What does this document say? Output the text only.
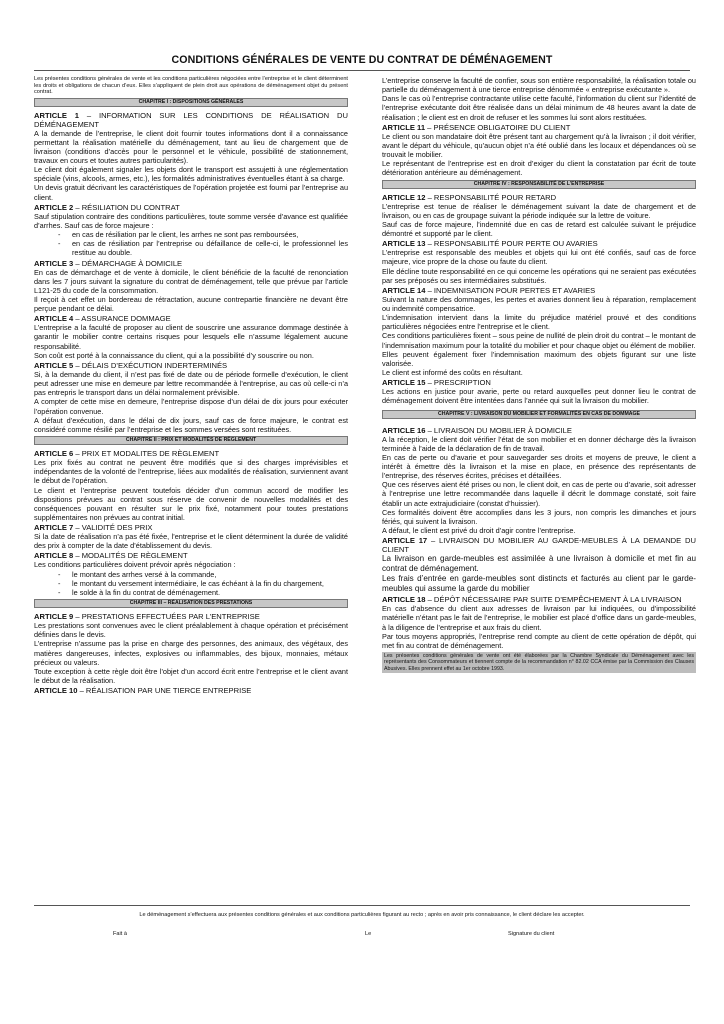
CONDITIONS GÉNÉRALES DE VENTE DU CONTRAT DE DÉMÉNAGEMENT

Les présentes conditions générales de vente et les conditions particulières négociées entre l’entreprise et le client déterminent les droits et obligations de chacun d’eux. Elles s’appliquent de plein droit aux opérations de déménagement objet du présent contrat.

CHAPITRE I : DISPOSITIONS GÉNÉRALES

ARTICLE 1 – INFORMATION SUR LES CONDITIONS DE RÉALISATION DU DÉMÉNAGEMENT

A la demande de l’entreprise, le client doit fournir toutes informations dont il a connaissance permettant la réalisation matérielle du déménagement, tant au lieu de chargement que de livraison (conditions d’accès pour le personnel et le véhicule, possibilité de stationnement, travaux en cours et toutes autres particularités).

Le client doit également signaler les objets dont le transport est assujetti à une réglementation spéciale (vins, alcools, armes, etc.), les formalités administratives éventuelles étant à sa charge.

Un devis gratuit décrivant les caractéristiques de l’opération projetée est fourni par l’entreprise au client.

ARTICLE 2 – RÉSILIATION DU CONTRAT

Sauf stipulation contraire des conditions particulières, toute somme versée d’avance est qualifiée d’arrhes. Sauf cas de force majeure :

- en cas de résiliation par le client, les arrhes ne sont pas remboursées,
- en cas de résiliation par l’entreprise ou défaillance de celle-ci, le professionnel les restitue au double.

ARTICLE 3 – DÉMARCHAGE À DOMICILE

En cas de démarchage et de vente à domicile, le client bénéficie de la faculté de renonciation dans les 7 jours suivant la signature du contrat de déménagement, telle que prévue par l’article L121-25 du code de la consommation.

Il reçoit à cet effet un bordereau de rétractation, aucune contrepartie financière ne devant être perçue pendant ce délai.

ARTICLE 4 – ASSURANCE DOMMAGE

L’entreprise a la faculté de proposer au client de souscrire une assurance dommage destinée à garantir le mobilier contre certains risques pour lesquels elle n’assume légalement aucune responsabilité.

Son coût est porté à la connaissance du client, qui a la possibilité d’y souscrire ou non.

ARTICLE 5 – DÉLAIS D’EXÉCUTION INDERTERMINÉS

Si, à la demande du client, il n’est pas fixé de date ou de période formelle d’exécution, le client peut adresser une mise en demeure par lettre recommandée à l’entreprise, au cas où celle-ci n’a pas entrepris le transport dans un délai normalement prévisible.

A compter de cette mise en demeure, l’entreprise dispose d’un délai de dix jours pour exécuter l’opération convenue.

A défaut d’exécution, dans le délai de dix jours, sauf cas de force majeure, le contrat est considéré comme résilié par l’entreprise et les sommes versées sont restituées.

CHAPITRE II : PRIX ET MODALITÉS DE RÈGLEMENT

ARTICLE 6 – PRIX ET MODALITES DE RÈGLEMENT

Les prix fixés au contrat ne peuvent être modifiés que si des charges imprévisibles et indépendantes de la volonté de l’entreprise, liées aux modalités de réalisation, surviennent avant le début de l’opération.

Le client et l’entreprise peuvent toutefois décider d’un commun accord de modifier les dispositions prévues au contrat sous réserve de convenir de nouvelles modalités et des conséquences pouvant en résulter sur le prix fixé, notamment pour toutes prestations supplémentaires non prévues au contrat initial.

ARTICLE 7 – VALIDITÉ DES PRIX

Si la date de réalisation n’a pas été fixée, l’entreprise et le client déterminent la durée de validité des prix à compter de la date d’établissement du devis.

ARTICLE 8 – MODALITÉS DE RÈGLEMENT

Les conditions particulières doivent prévoir après négociation :

- le montant des arrhes versé à la commande,
- le montant du versement intermédiaire, le cas échéant à la fin du chargement,
- le solde à la fin du contrat de déménagement.
CHAPITRE III – RÉALISATION DES PRESTATIONS

ARTICLE 9 – PRESTATIONS EFFECTUÉES PAR L’ENTREPRISE

Les prestations sont convenues avec le client préalablement à chaque opération et précisément définies dans le devis.

L’entreprise n’assume pas la prise en charge des personnes, des animaux, des végétaux, des matières dangereuses, infectes, explosives ou inflammables, des bijoux, monnaies, métaux précieux ou valeurs.

Toute exception à cette règle doit être l’objet d’un accord écrit entre l’entreprise et le client avant le début de la réalisation.

ARTICLE 10 – RÉALISATION PAR UNE TIERCE ENTREPRISE

L’entreprise conserve la faculté de confier, sous son entière responsabilité, la réalisation totale ou partielle du déménagement à une tierce entreprise dénommée « entreprise exécutante ».

Dans le cas où l’entreprise contractante utilise cette faculté, l’information du client sur l’identité de l’entreprise exécutante doit être réalisée dans un délai minimum de 48 heures avant la date de réalisation ; le client est en droit de refuser et les sommes lui sont alors restituées.

ARTICLE 11 – PRÉSENCE OBLIGATOIRE DU CLIENT

Le client ou son mandataire doit être présent tant au chargement qu’à la livraison ; il doit vérifier, avant le départ du véhicule, qu’aucun objet n’a été oublié dans les locaux et dépendances où se trouvait le mobilier.

Le représentant de l’entreprise est en droit d’exiger du client la constatation par écrit de toute détérioration antérieure au déménagement.

CHAPITRE IV : RESPONSABILITÉ DE L’ENTREPRISE

ARTICLE 12 – RESPONSABILITÉ POUR RETARD

L’entreprise est tenue de réaliser le déménagement suivant la date de chargement et de livraison, ou en cas de groupage suivant la période indiquée sur la lettre de voiture.

Sauf cas de force majeure, l’indemnité due en cas de retard est calculée suivant le préjudice démontré et supporté par le client.

ARTICLE 13 – RESPONSABILITÉ POUR PERTE OU AVARIES

L’entreprise est responsable des meubles et objets qui lui ont été confiés, sauf cas de force majeure, vice propre de la chose ou faute du client.

Elle décline toute responsabilité en ce qui concerne les opérations qui ne seraient pas exécutées par ses préposés ou ses intermédiaires substitués.

ARTICLE 14 – INDEMNISATION POUR PERTES ET AVARIES

Suivant la nature des dommages, les pertes et avaries donnent lieu à réparation, remplacement ou indemnité compensatrice.

L’indemnisation intervient dans la limite du préjudice matériel prouvé et des conditions particulières négociées entre l’entreprise et le client.

Ces conditions particulières fixent – sous peine de nullité de plein droit du contrat – le montant de l’indemnisation maximum pour la totalité du mobilier et pour chaque objet ou élément de mobilier.

Elles peuvent également fixer l’indemnisation maximum des objets figurant sur une liste valorisée.

Le client est informé des coûts en résultant.

ARTICLE 15 – PRESCRIPTION

Les actions en justice pour avarie, perte ou retard auxquelles peut donner lieu le contrat de déménagement doivent être intentées dans l’année qui suit la livraison du mobilier.

CHAPITRE V : LIVRAISON DU MOBILIER ET FORMALITÉS EN CAS DE DOMMAGE

ARTICLE 16 – LIVRAISON DU MOBILIER À DOMICILE

A la réception, le client doit vérifier l’état de son mobilier et en donner décharge dès la livraison terminée à l’aide de la déclaration de fin de travail.

En cas de perte ou d’avarie et pour sauvegarder ses droits et moyens de preuve, le client a intérêt à émettre dès la livraison et la mise en place, en présence des représentants de l’entreprise, des réserves écrites, précises et détaillées.

Que ces réserves aient été prises ou non, le client doit, en cas de perte ou d’avarie, soit adresser à l’entreprise une lettre recommandée dans laquelle il décrit le dommage constaté, soit faire établir un acte extrajudiciaire (constat d’huissier).

Ces formalités doivent être accomplies dans les 3 jours, non compris les dimanches et jours fériés, qui suivent la livraison.

A défaut, le client est privé du droit d’agir contre l’entreprise.

ARTICLE 17 – LIVRAISON DU MOBILIER AU GARDE-MEUBLES À LA DEMANDE DU CLIENT

La livraison en garde-meubles est assimilée à une livraison à domicile et met fin au contrat de déménagement.

Les frais d’entrée en garde-meubles sont distincts et facturés au client par le garde-meubles qui assume la garde du mobilier

ARTICLE 18 – DÉPÔT NÉCESSAIRE PAR SUITE D’EMPÊCHEMENT À LA LIVRAISON

En cas d’absence du client aux adresses de livraison par lui indiquées, ou d’impossibilité matérielle n’étant pas le fait de l’entreprise, le mobilier est placé d’office dans un garde-meubles, à la diligence de l’entreprise et aux frais du client.

Par tous moyens appropriés, l’entreprise rend compte au client de cette opération de dépôt, qui met fin au contrat de déménagement.

Les présentes conditions générales de vente ont été élaborées par la Chambre Syndicale du Déménagement avec les représentants des Consommateurs et tiennent compte de la recommandation n° 82.02 CCA émise par la Commission des Clauses Abusives. Elles prennent effet au 1er octobre 1993.

Le déménagement s’effectuera aux présentes conditions générales et aux conditions particulières figurant au recto ; après en avoir pris connaissance, le client déclare les accepter.
Fait à	Le	Signature du client
